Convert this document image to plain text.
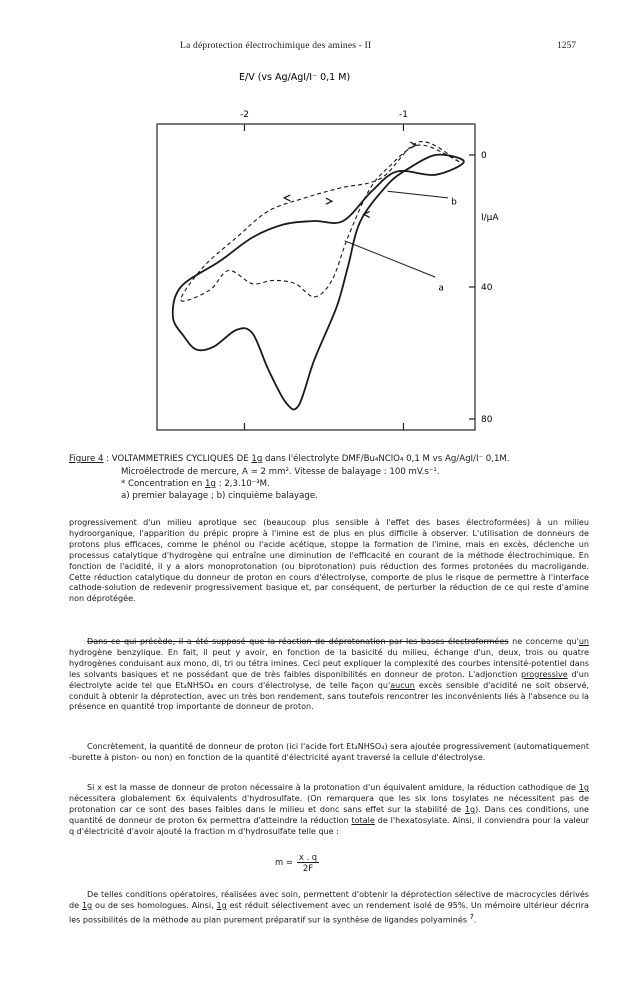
La déprotection électrochimique des amines - II	1257
E/V (vs Ag/AgI/I⁻ 0,1 M)
-2	-1
0
40
80
a
b
I/μA
Figure 4 : VOLTAMMETRIES CYCLIQUES DE 1g dans l'électrolyte DMF/Bu₄NClO₄ 0,1 M vs Ag/AgI/I⁻ 0,1M.
Microélectrode de mercure, A ≃ 2 mm². Vitesse de balayage : 100 mV.s⁻¹.
* Concentration en 1g : 2,3.10⁻³M.
a) premier balayage ; b) cinquième balayage.

progressivement d'un milieu aprotique sec (beaucoup plus sensible à l'effet des bases électroformées) à un milieu hydroorganique, l'apparition du prépic propre à l'imine est de plus en plus difficile à observer. L'utilisation de donneurs de protons plus efficaces, comme le phénol ou l'acide acétique, stoppe la formation de l'imine, mais en excès, déclenche un processus catalytique d'hydrogène qui entraîne une diminution de l'efficacité en courant de la méthode électrochimique. En fonction de l'acidité, il y a alors monoprotonation (ou biprotonation) puis réduction des formes protonées du macroligande. Cette réduction catalytique du donneur de proton en cours d'électrolyse, comporte de plus le risque de permettre à l'interface cathode-solution de redevenir progressivement basique et, par conséquent, de perturber la réduction de ce qui reste d'amine non déprotégée.

Dans ce qui précède, il a été supposé que la réaction de déprotonation par les bases électroformées ne concerne qu'un hydrogène benzylique. En fait, il peut y avoir, en fonction de la basicité du milieu, échange d'un, deux, trois ou quatre hydrogènes conduisant aux mono, di, tri ou tétra imines. Ceci peut expliquer la complexité des courbes intensité-potentiel dans les solvants basiques et ne possédant que de très faibles disponibilités en donneur de proton. L'adjonction progressive d'un électrolyte acide tel que Et₄NHSO₄ en cours d'électrolyse, de telle façon qu'aucun excès sensible d'acidité ne soit observé, conduit à obtenir la déprotection, avec un très bon rendement, sans toutefois rencontrer les inconvénients liés à l'absence ou la présence en quantité trop importante de donneur de proton.

Concrètement, la quantité de donneur de proton (ici l'acide fort Et₄NHSO₄) sera ajoutée progressivement (automatiquement -burette à piston- ou non) en fonction de la quantité d'électricité ayant traversé la cellule d'électrolyse.

Si x est la masse de donneur de proton nécessaire à la protonation d'un équivalent amidure, la réduction cathodique de 1g nécessitera globalement 6x équivalents d'hydrosulfate. (On remarquera que les six lons tosylates ne nécessitent pas de protonation car ce sont des bases faibles dans le milieu et donc sans effet sur la stabilité de 1g). Dans ces conditions, une quantité de donneur de proton 6x permettra d'atteindre la réduction totale de l'hexatosylate. Ainsi, il conviendra pour la valeur q d'électricité d'avoir ajouté la fraction m d'hydrosulfate telle que :

$m = \frac{x . q}{2F}$

De telles conditions opératoires, réalisées avec soin, permettent d'obtenir la déprotection sélective de macrocycles dérivés de 1g ou de ses homologues. Ainsi, 1g est réduit sélectivement avec un rendement isolé de 95%. Un mémoire ultérieur décrira les possibilités de la méthode au plan purement préparatif sur la synthèse de ligandes polyaminés $^7$.
